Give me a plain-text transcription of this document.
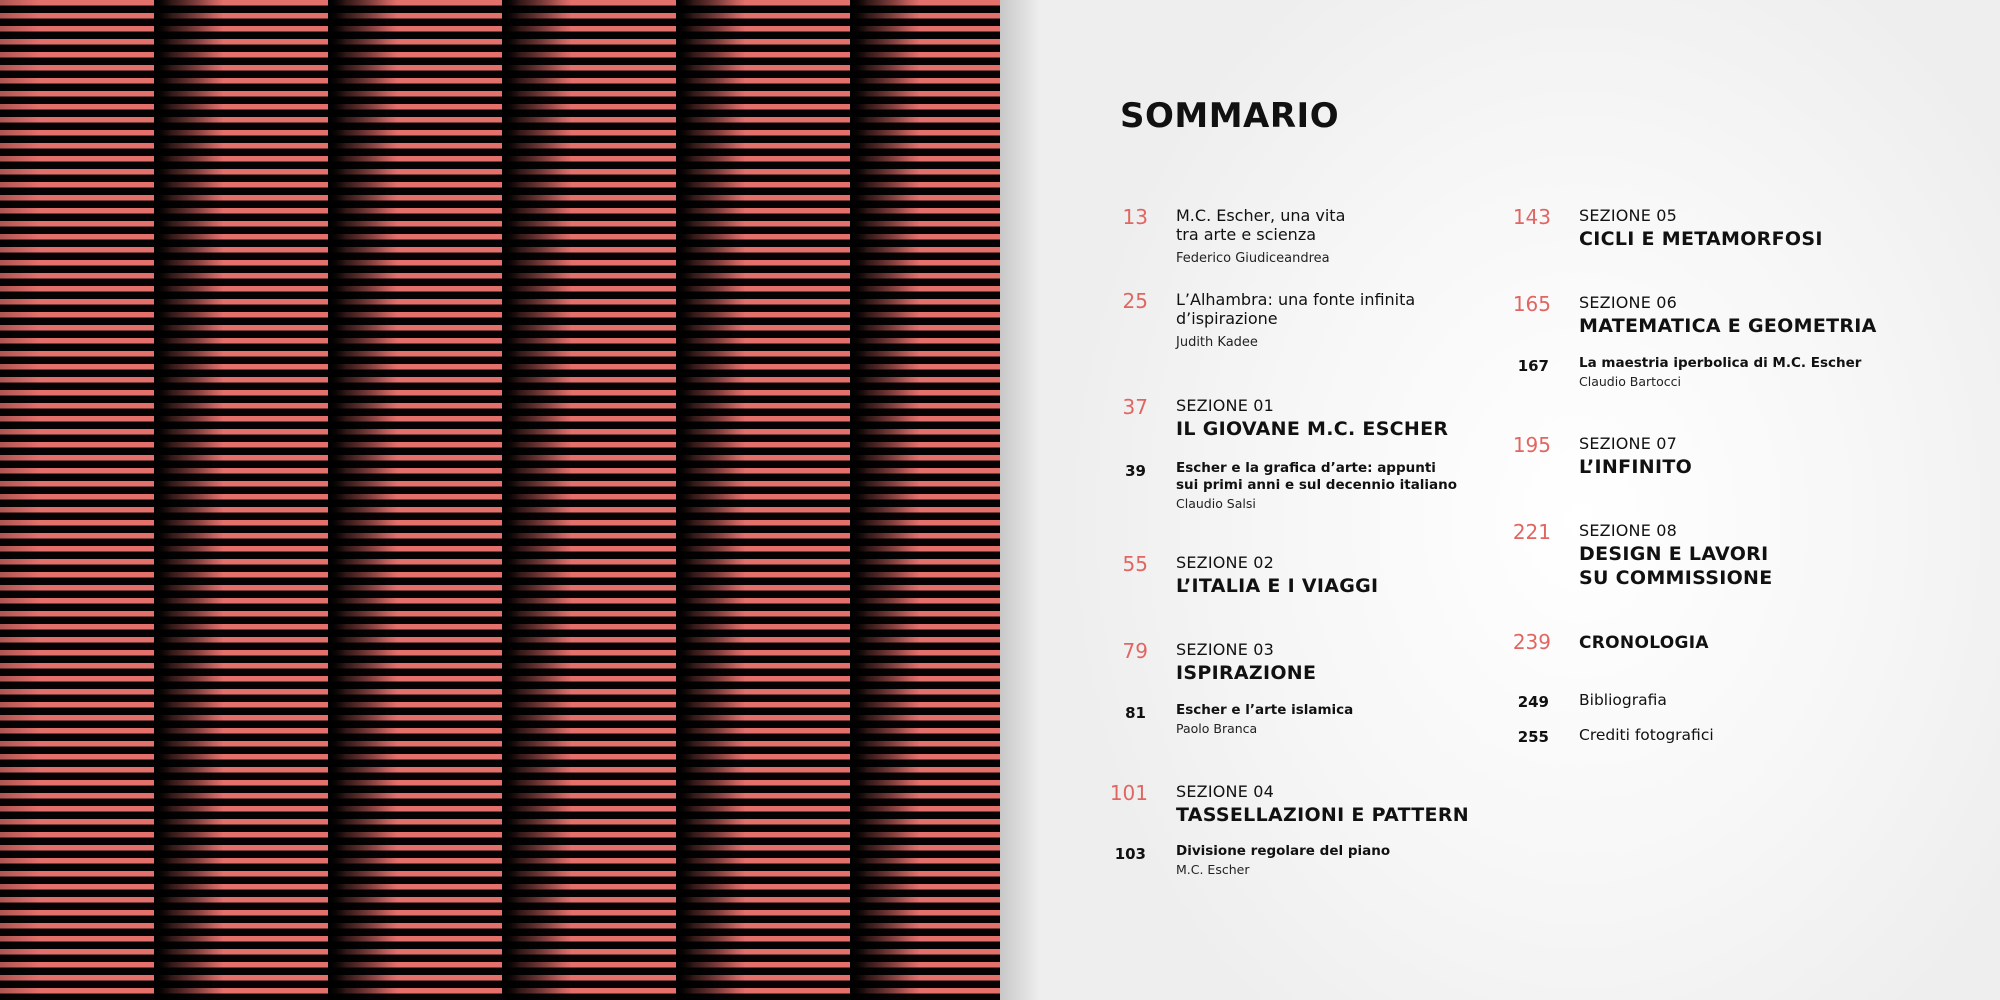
SOMMARIO
13 M.C. Escher, una vita
tra arte e scienza
Federico Giudiceandrea
25 L’Alhambra: una fonte infinita
d’ispirazione
Judith Kadee
37 SEZIONE 01
IL GIOVANE M.C. ESCHER
39 Escher e la grafica d’arte: appunti
sui primi anni e sul decennio italiano
Claudio Salsi
55 SEZIONE 02
L’ITALIA E I VIAGGI
79 SEZIONE 03
ISPIRAZIONE
81 Escher e l’arte islamica
Paolo Branca
101 SEZIONE 04
TASSELLAZIONI E PATTERN
103 Divisione regolare del piano
M.C. Escher
143 SEZIONE 05
CICLI E METAMORFOSI
165 SEZIONE 06
MATEMATICA E GEOMETRIA
167 La maestria iperbolica di M.C. Escher
Claudio Bartocci
195 SEZIONE 07
L’INFINITO
221 SEZIONE 08
DESIGN E LAVORI
SU COMMISSIONE
239 CRONOLOGIA
249 Bibliografia
255 Crediti fotografici
